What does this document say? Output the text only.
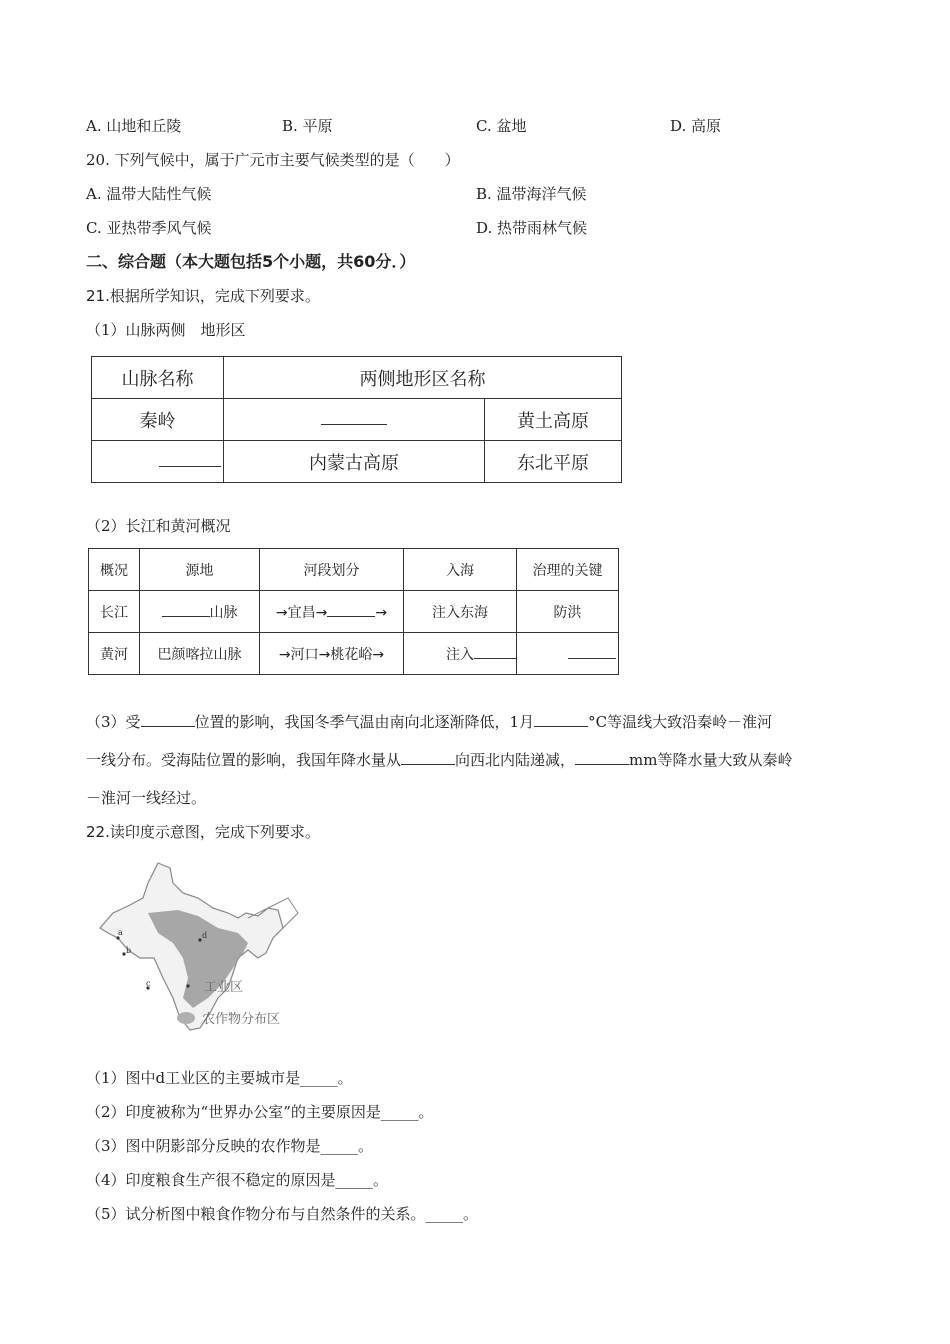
A. 山地和丘陵	B. 平原	C. 盆地	D. 高原
20. 下列气候中，属于广元市主要气候类型的是（　　）
A. 温带大陆性气候	B. 温带海洋气候
C. 亚热带季风气候	D. 热带雨林气候
二、综合题（本大题包括5个小题，共60分．）
21.根据所学知识，完成下列要求。
（1）山脉两侧　地形区
山脉名称	两侧地形区名称	
秦岭		黄土高原
	内蒙古高原	东北平原
（2）长江和黄河概况
概况	源地	河段划分	入海	治理的关键
长江	山脉	→宜昌→ →	注入东海	防洪
黄河	巴颜喀拉山脉	→河口→桃花峪→	注入	
（3）受	位置的影响，我国冬季气温由南向北逐渐降低，1月	°C等温线大致沿秦岭－淮河
一线分布。受海陆位置的影响，我国年降水量从	向西北内陆递减，	mm等降水量大致从秦岭
－淮河一线经过。
22.读印度示意图，完成下列要求。
a
b
c
d
工业区
农作物分布区
（1）图中d工业区的主要城市是_____。
（2）印度被称为“世界办公室”的主要原因是_____。
（3）图中阴影部分反映的农作物是_____。
（4）印度粮食生产很不稳定的原因是_____。
（5）试分析图中粮食作物分布与自然条件的关系。_____。
